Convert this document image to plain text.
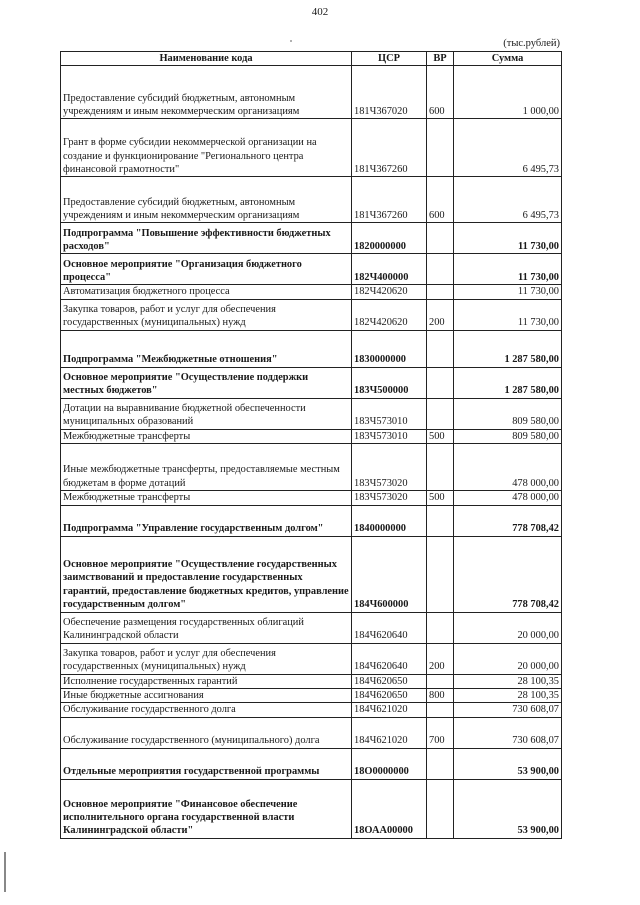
402
(тыс.рублей)
Наименование кода	ЦСР	ВР	Сумма
Предоставление субсидий бюджетным, автономным учреждениям и иным некоммерческим организациям	181Ч367020	600	1 000,00
Грант в форме субсидии некоммерческой организации на создание и функционирование "Регионального центра финансовой грамотности"	181Ч367260		6 495,73
Предоставление субсидий бюджетным, автономным учреждениям и иным некоммерческим организациям	181Ч367260	600	6 495,73
Подпрограмма "Повышение эффективности бюджетных расходов"	1820000000		11 730,00
Основное мероприятие "Организация бюджетного процесса"	182Ч400000		11 730,00
Автоматизация бюджетного процесса	182Ч420620		11 730,00
Закупка товаров, работ и услуг для обеспечения государственных (муниципальных) нужд	182Ч420620	200	11 730,00
Подпрограмма "Межбюджетные отношения"	1830000000		1 287 580,00
Основное мероприятие "Осуществление поддержки местных бюджетов"	183Ч500000		1 287 580,00
Дотации на выравнивание бюджетной обеспеченности муниципальных образований	183Ч573010		809 580,00
Межбюджетные трансферты	183Ч573010	500	809 580,00
Иные межбюджетные трансферты, предоставляемые местным бюджетам в форме дотаций	183Ч573020		478 000,00
Межбюджетные трансферты	183Ч573020	500	478 000,00
Подпрограмма "Управление государственным долгом"	1840000000		778 708,42
Основное мероприятие "Осуществление государственных заимствований и предоставление государственных гарантий, предоставление бюджетных кредитов, управление государственным долгом"	184Ч600000		778 708,42
Обеспечение размещения государственных облигаций Калининградской области	184Ч620640		20 000,00
Закупка товаров, работ и услуг для обеспечения государственных (муниципальных) нужд	184Ч620640	200	20 000,00
Исполнение государственных гарантий	184Ч620650		28 100,35
Иные бюджетные ассигнования	184Ч620650	800	28 100,35
Обслуживание государственного долга	184Ч621020		730 608,07
Обслуживание государственного (муниципального) долга	184Ч621020	700	730 608,07
Отдельные мероприятия государственной программы	18О0000000		53 900,00
Основное мероприятие "Финансовое обеспечение исполнительного органа государственной власти Калининградской области"	18ОАА00000		53 900,00
